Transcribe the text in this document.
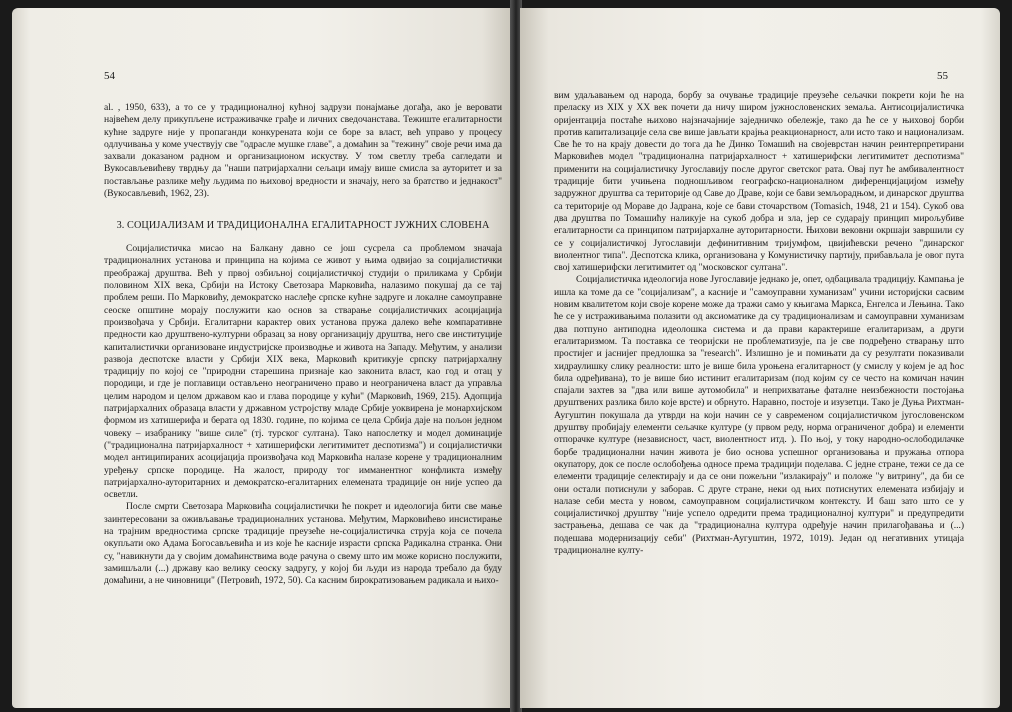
54

al. , 1950, 633), а то се у традиционалној кућној задрузи понајмање догађа, ако је веровати највећем делу прикупљене истраживачке грађе и личних сведочанстава. Тежиште егалитарности кућне задруге није у пропаганди конкурената који се боре за власт, већ управо у процесу одлучивања у коме учествују све "одрасле мушке главе", а домаћин за "тежину" своје речи има да захвали доказаном радном и организационом искуству. У том светлу треба сагледати и Вукосављевићеву тврдњу да "наши патријархални сељаци имају више смисла за ауторитет и за постављање разлике међу људима по њиховој вредности и значају, него за братство и једнакост" (Вукосављевић, 1962, 23).

3. СОЦИЈАЛИЗАМ И ТРАДИЦИОНАЛНА ЕГАЛИТАРНОСТ ЈУЖНИХ СЛОВЕНА

Социјалистичка мисао на Балкану давно се још сусрела са проблемом значаја традиционалних установа и принципа на којима се живот у њима одвијао за социјалистички преображај друштва. Већ у првој озбиљној социјалистичкој студији о приликама у Србији половином XIX века, Србији на Истоку Светозара Марковића, налазимо покушај да се тај проблем реши. По Марковићу, демократско наслеђе српске кућне задруге и локалне самоуправне сеоске општине морају послужити као основ за стварање социјалистичких асоцијација произвођача у Србији. Егалитарни карактер ових установа пружа далеко веће компаративне предности као друштвено-културни образац за нову организацију друштва, него све институције капиталистички организоване индустријске производње и живота на Западу. Међутим, у анализи развоја деспотске власти у Србији XIX века, Марковић критикује српску патријархалну традицију по којој се "природни старешина признаје као законита власт, као год и отац у породици, и где је поглавици остављено неограничено право и неограничена власт да управља целим народом и целом државом као и глава породице у кући" (Марковић, 1969, 215). Адопција патријархалних образаца власти у државном устројству младе Србије уоквирена је монархијском формом из хатишерифа и берата од 1830. године, по којима се цела Србија даје на пољон једном човеку – изабранику "више силе" (тј. турског султана). Тако напослетку и модел доминације ("традиционална патријархалност + хатишерифски легитимитет деспотизма") и социјалистички модел антиципираних асоцијација произвођача код Марковића налазе корене у традиционалним уређењу српске породице. На жалост, природу тог имманентног конфликта између патријархално-ауторитарних и демократско-егалитарних елемената традиције он није успео да осветли.

После смрти Светозара Марковића социјалистички ће покрет и идеологија бити све мање заинтересовани за оживљавање традиционалних установа. Међутим, Марковићево инсистирање на трајним вредностима српске традиције преузеће не-социјалистичка струја која се почела окупљати око Адама Богосављевића и из које ће касније израсти српска Радикална странка. Они су, "навикнути да у својим домаћинствима воде рачуна о свему што им може корисно послужити, замишљали (...) државу као велику сеоску задругу, у којој би људи из народа требало да буду домаћини, а не чиновници" (Петровић, 1972, 50). Са касним бирократизовањем радикала и њихо-

55

вим удаљавањем од народа, борбу за очување традиције преузеће сељачки покрети који ће на прелаcку из XIX у XX век почети да ничу широм јужнословенских земаља. Антисоцијалистичка оријентација постаће њихово најзначајније заједничко обележје, тако да ће се у њиховој борби против капитализације села све више јављати крајња реакционарност, али исто тако и национализам. Све ће то на крају довести до тога да ће Динко Томашић на својеврстан начин реинтерпретирани Марковићев модел "традиционална патријархалност + хатишерифски легитимитет деспотизма" применити на социјалистичку Југославију после другог светског рата. Овај пут ће амбивалентност традиције бити учињена подношљивом географско-националном диференцијацијом између задружног друштва са територије од Саве до Драве, који се бави земљорадњом, и динарског друштва са територије од Мораве до Јадрана, које се бави сточарством (Tomasich, 1948, 21 и 154). Сукоб ова два друштва по Томашићу наликује на сукоб добра и зла, јер се сударају принцип мирољубиве егалитарности са принципом патријархалне ауторитарности. Њихови вековни окршаји завршили су се у социјалистичкој Југославији дефинитивним тријумфом, цвијићевски речено "динарског виолентног типа". Деспотска клика, организована у Комунистичку партију, прибављала је овог пута свој хатишерифски легитимитет од "московског султана".

Социјалистичка идеологија нове Југославије једнако је, опет, одбацивала традицију. Кампања је ишла ка томе да се "социјализам", а касније и "самоуправни хуманизам" учини историјски сасвим новим квалитетом који своје корене може да тражи само у књигама Маркса, Енгелса и Лењина. Тако ће се у истраживањима полазити од аксиоматике да су традиционализам и самоуправни хуманизам два потпуно антиподна идеолошка система и да прави карактерише егалитаризам, а други егалитаризмом. Та поставка се теоријски не проблематизује, па је све подређено стварању што простијег и јаснијег предлошка за "research". Излишно је и помињати да су резултати показивали хидраулишку слику реалности: што је више била уроњена егалитарност (у смислу у којем је ад ћос била одређивана), то је више био истинит егалитаризам (под којим су се често на комичан начин спајали захтев за "два или више аутомобила" и неприхватање фаталне неизбежности постојања друштвених разлика било које врсте) и обрнуто. Наравно, постоје и изузетци. Тако је Дуња Рихтман-Аугуштин покушала да утврди на који начин се у савременом социјалистичком југословенском друштву пробијају елементи сељачке културе (у првом реду, норма ограниченог добра) и елементи отпорачке културе (независност, част, виолентност итд. ). По њој, у току народно-ослободилачке борбе традиционални начин живота је био основа успешног организовања и пружања отпора окупатору, док се после ослобођења односе према традицији поделава. С једне стране, тежи се да се елементи традиције селектирају и да се они пожељни "излакирају" и положе "у витрину", да би се они остали потиснули у заборав. С друге стране, неки од њих потиснутих елемената избијају и налазе себи места у новом, самоуправном социјалистичком контексту. И баш зато што се у социјалистичкој друштву "није успело одредити према традиционалној култури" и предупредити застрањења, дешава се чак да "традиционална култура одређује начин прилагођавања и (...) подешава модернизацију себи" (Рихтман-Аугуштин, 1972, 1019). Један од негативних утицаја традиционалне култу-
